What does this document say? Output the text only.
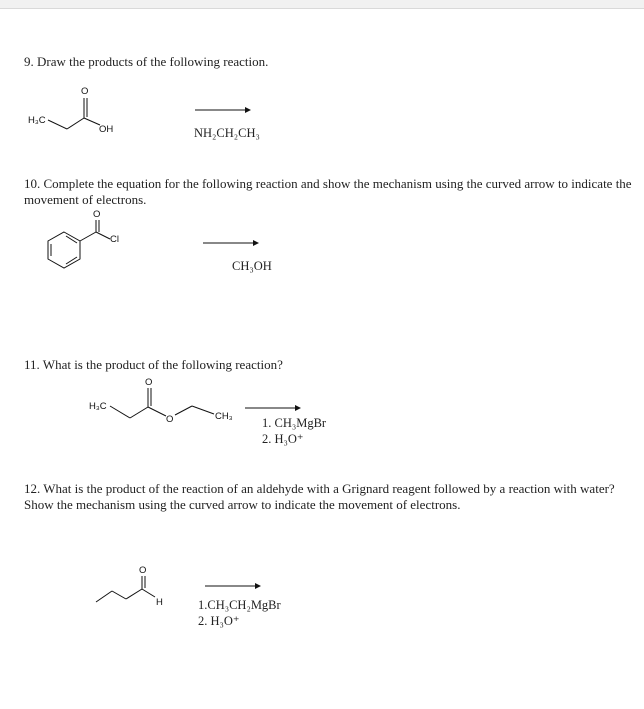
9. Draw the products of the following reaction.

H₃C
O
OH	NH₂CH₂CH₃

10. Complete the equation for the following reaction and show the mechanism using the curved arrow to indicate the movement of electrons.

O
Cl
CH₃OH

11. What is the product of the following reaction?

H₃C
O
O	CH₃ 1. CH₃MgBr
2. H₃O⁺

12. What is the product of the reaction of an aldehyde with a Grignard reagent followed by a reaction with water? Show the mechanism using the curved arrow to indicate the movement of electrons.

O
H	1.CH₃CH₂MgBr
2. H₃O⁺
